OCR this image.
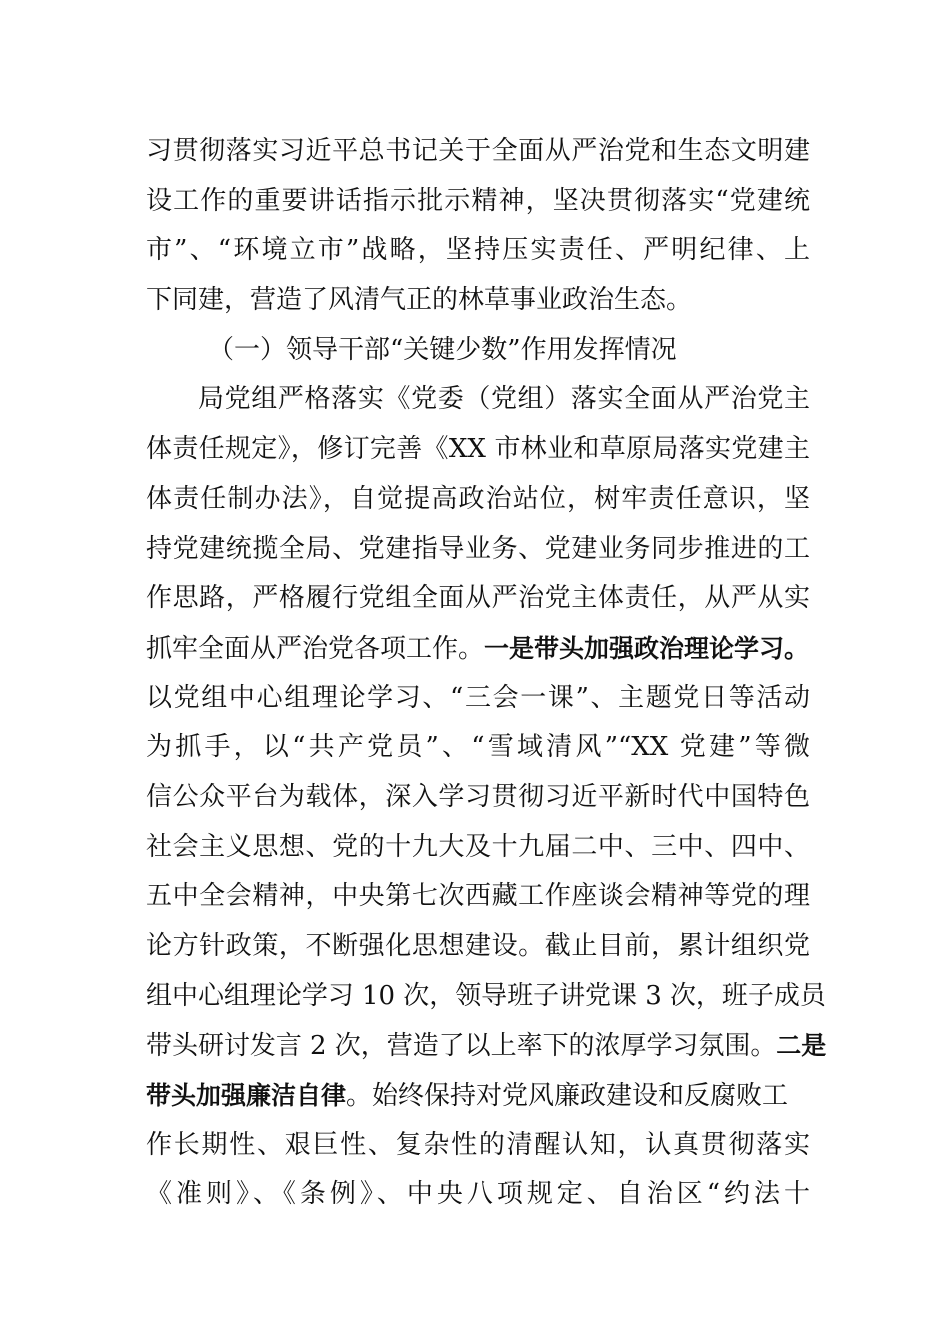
习贯彻落实习近平总书记关于全面从严治党和生态文明建
设工作的重要讲话指示批示精神，坚决贯彻落实“党建统
市”、“环境立市”战略，坚持压实责任、严明纪律、上
下同建，营造了风清气正的林草事业政治生态。
（一）领导干部“关键少数”作用发挥情况
局党组严格落实《党委（党组）落实全面从严治党主
体责任规定》，修订完善《XX 市林业和草原局落实党建主
体责任制办法》，自觉提高政治站位，树牢责任意识，坚
持党建统揽全局、党建指导业务、党建业务同步推进的工
作思路，严格履行党组全面从严治党主体责任，从严从实
抓牢全面从严治党各项工作。一是带头加强政治理论学习。
以党组中心组理论学习、“三会一课”、主题党日等活动
为抓手，以“共产党员”、“雪域清风”“XX 党建”等微
信公众平台为载体，深入学习贯彻习近平新时代中国特色
社会主义思想、党的十九大及十九届二中、三中、四中、
五中全会精神，中央第七次西藏工作座谈会精神等党的理
论方针政策，不断强化思想建设。截止目前，累计组织党
组中心组理论学习 10 次，领导班子讲党课 3 次，班子成员
带头研讨发言 2 次，营造了以上率下的浓厚学习氛围。二是
带头加强廉洁自律。始终保持对党风廉政建设和反腐败工
作长期性、艰巨性、复杂性的清醒认知，认真贯彻落实
《准则》、《条例》、中央八项规定、自治区“约法十
